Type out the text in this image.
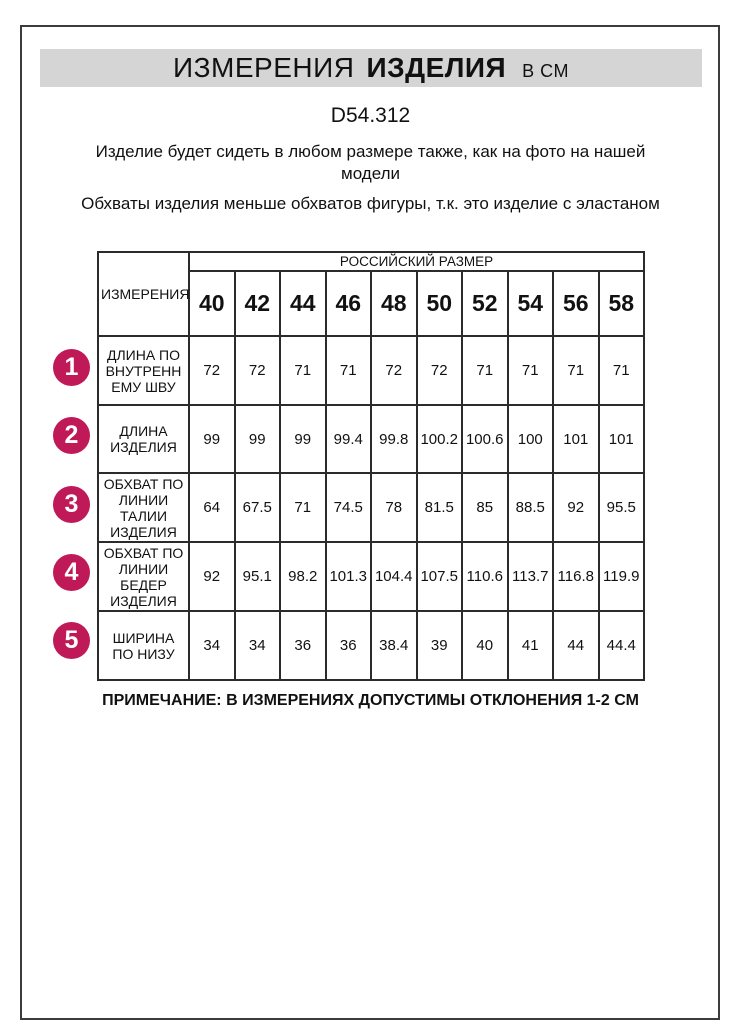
ИЗМЕРЕНИЯ ИЗДЕЛИЯ В СМ
D54.312
Изделие будет сидеть в любом размере также, как на фото на нашей модели
Обхваты изделия меньше обхватов фигуры, т.к. это изделие с эластаном
ИЗМЕРЕНИЯ	РОССИЙСКИЙ РАЗМЕР									
	40	42	44	46	48	50	52	54	56	58
ДЛИНА ПО ВНУТРЕННЕМУ ШВУ	72	72	71	71	72	72	71	71	71	71
ДЛИНА ИЗДЕЛИЯ	99	99	99	99.4	99.8	100.2	100.6	100	101	101
ОБХВАТ ПО ЛИНИИ ТАЛИИ ИЗДЕЛИЯ	64	67.5	71	74.5	78	81.5	85	88.5	92	95.5
ОБХВАТ ПО ЛИНИИ БЕДЕР ИЗДЕЛИЯ	92	95.1	98.2	101.3	104.4	107.5	110.6	113.7	116.8	119.9
ШИРИНА ПО НИЗУ	34	34	36	36	38.4	39	40	41	44	44.4
1
2
3
4
5
ПРИМЕЧАНИЕ: В ИЗМЕРЕНИЯХ ДОПУСТИМЫ ОТКЛОНЕНИЯ 1-2 СМ
